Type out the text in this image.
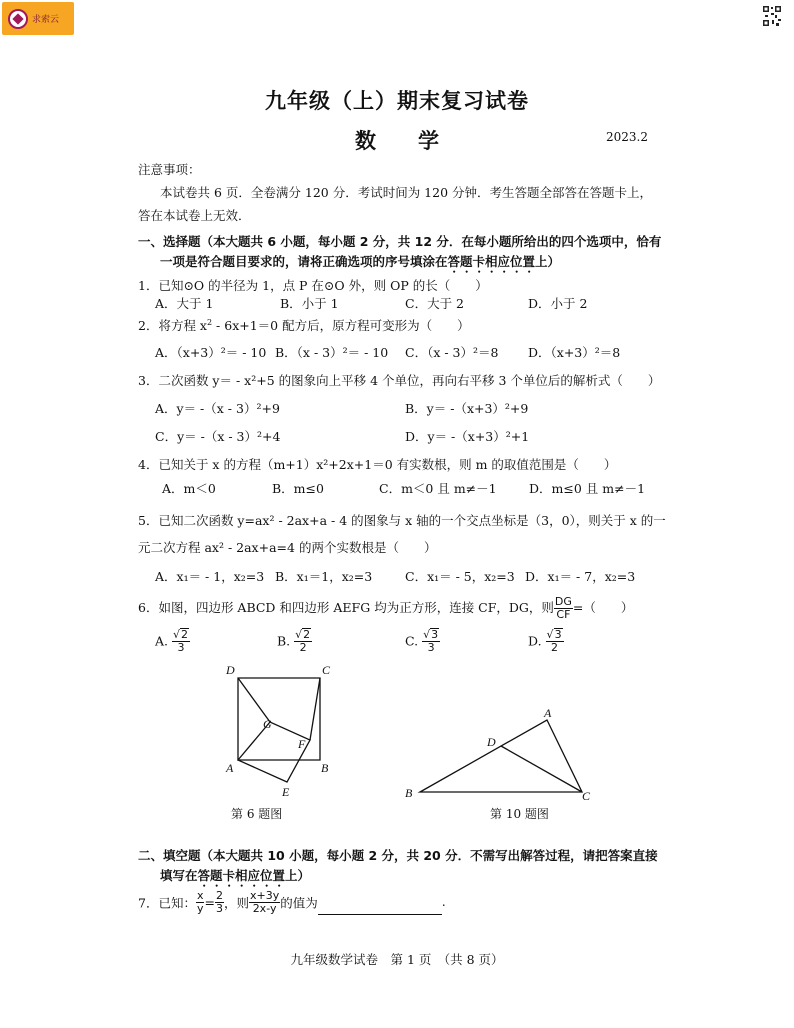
求索云
九年级（上）期末复习试卷
数　　学	2023.2
注意事项：
本试卷共 6 页．全卷满分 120 分．考试时间为 120 分钟．考生答题全部答在答题卡上，
答在本试卷上无效．
一、选择题（本大题共 6 小题，每小题 2 分，共 12 分．在每小题所给出的四个选项中，恰有
一项是符合题目要求的，请将正确选项的序号填涂在答题卡相应位置上）
1．已知⊙O 的半径为 1，点 P 在⊙O 外，则 OP 的长（　　）
A．大于 1	B．小于 1	C．大于 2	D．小于 2
2．将方程 $x^2 - 6x+1=0$ 配方后，原方程可变形为（　　）
A．（x+3）²＝ - 10 B．（x - 3）²＝ - 10 C．（x - 3）²＝8 D．（x+3）²＝8
3．二次函数 y＝ - x²+5 的图象向上平移 4 个单位，再向右平移 3 个单位后的解析式（　　）
A．y＝ -（x - 3）²+9	B．y＝ -（x+3）²+9
C．y＝ -（x - 3）²+4	D．y＝ -（x+3）²+1
4．已知关于 x 的方程（m+1）x²+2x+1＝0 有实数根，则 m 的取值范围是（　　）
A．m＜0	B．m≤0	C．m＜0 且 m≠－1	D．m≤0 且 m≠－1
5．已知二次函数 y=ax² - 2ax+a - 4 的图象与 x 轴的一个交点坐标是（3，0），则关于 x 的一
元二次方程 ax² - 2ax+a=4 的两个实数根是（　　）
A．x₁＝ - 1，x₂=3 B．x₁＝1，x₂=3	C．x₁＝ - 5，x₂=3 D．x₁＝ - 7，x₂=3
6．如图，四边形 ABCD 和四边形 AEFG 均为正方形，连接 CF，DG，则 $\frac{DG}{CF}$ =（　　）
A. $\frac{√2}{3}$	B. $\frac{√2}{2}$	C. $\frac{√3}{3}$	D. $\frac{√3}{2}$
D	C
G
F
A	B
E
第 6 题图
A
D
B	C
第 10 题图
二、填空题（本大题共 10 小题，每小题 2 分，共 20 分．不需写出解答过程，请把答案直接
填写在答题卡相应位置上）
7．已知： $\frac{x}{y} = \frac{2}{3}$ ，则 $\frac{x+3y}{2x-y}$ 的值为	.
九年级数学试卷　第 1 页　（共 8 页）
